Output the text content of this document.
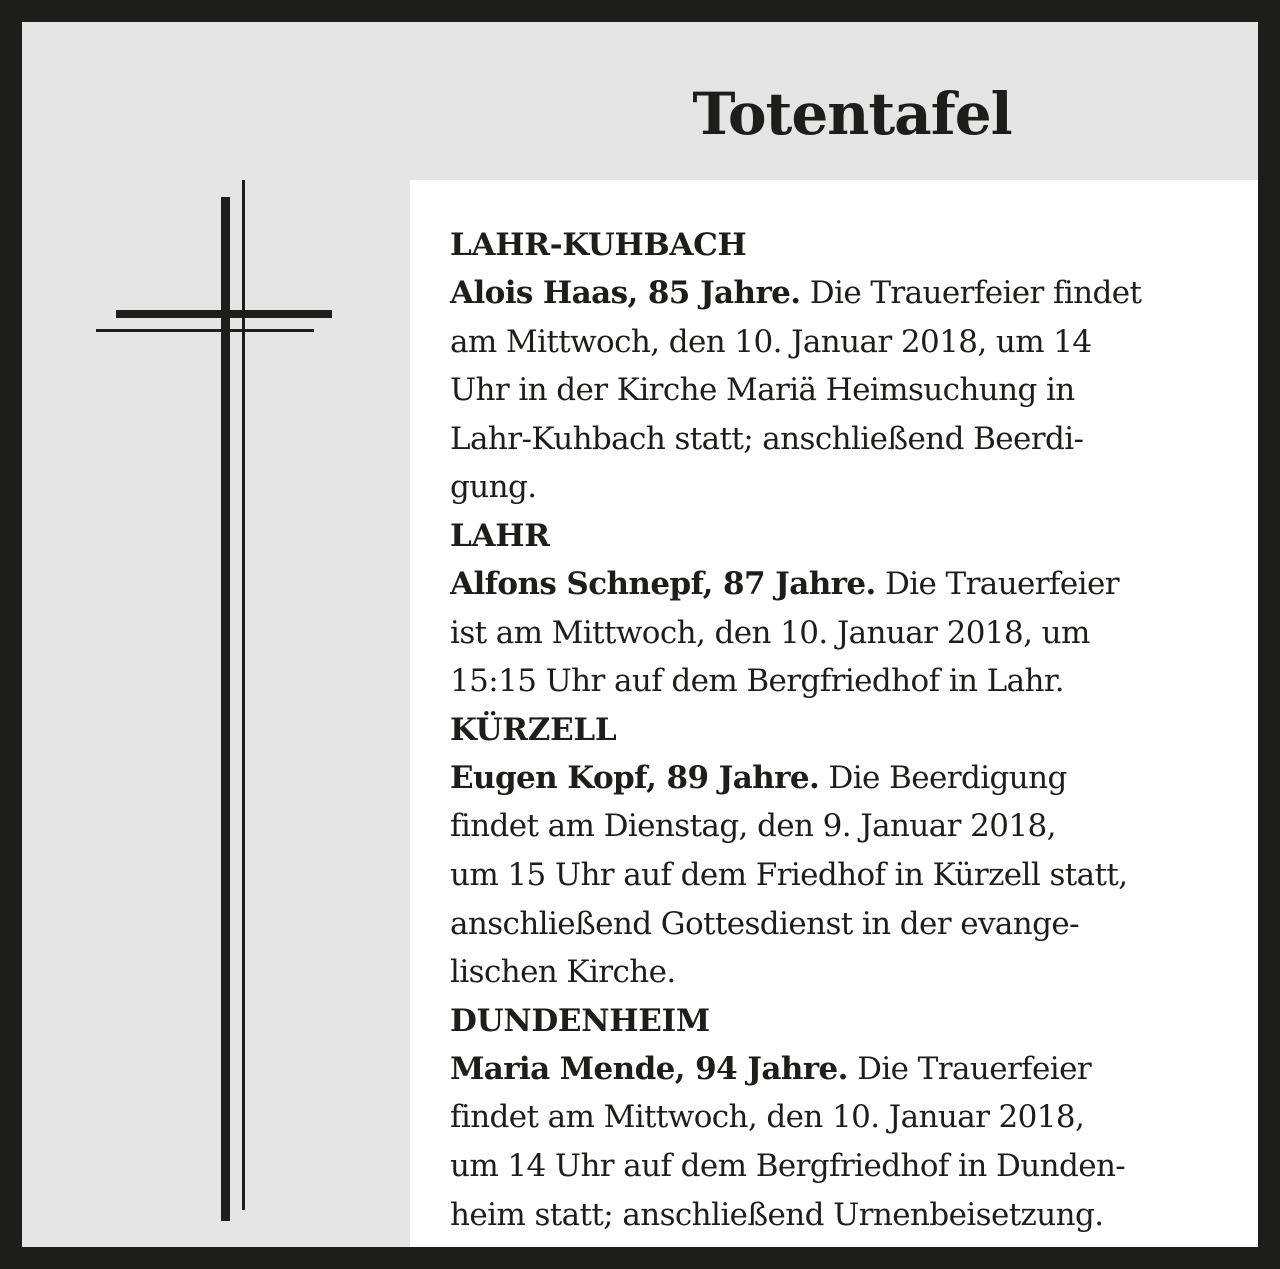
Totentafel
LAHR-KUHBACH
Alois Haas, 85 Jahre. Die Trauerfeier findet
am Mittwoch, den 10. Januar 2018, um 14
Uhr in der Kirche Mariä Heimsuchung in
Lahr-Kuhbach statt; anschließend Beerdi-
gung.
LAHR
Alfons Schnepf, 87 Jahre. Die Trauerfeier
ist am Mittwoch, den 10. Januar 2018, um
15:15 Uhr auf dem Bergfriedhof in Lahr.
KÜRZELL
Eugen Kopf, 89 Jahre. Die Beerdigung
findet am Dienstag, den 9. Januar 2018,
um 15 Uhr auf dem Friedhof in Kürzell statt,
anschließend Gottesdienst in der evange-
lischen Kirche.
DUNDENHEIM
Maria Mende, 94 Jahre. Die Trauerfeier
findet am Mittwoch, den 10. Januar 2018,
um 14 Uhr auf dem Bergfriedhof in Dunden-
heim statt; anschließend Urnenbeisetzung.
